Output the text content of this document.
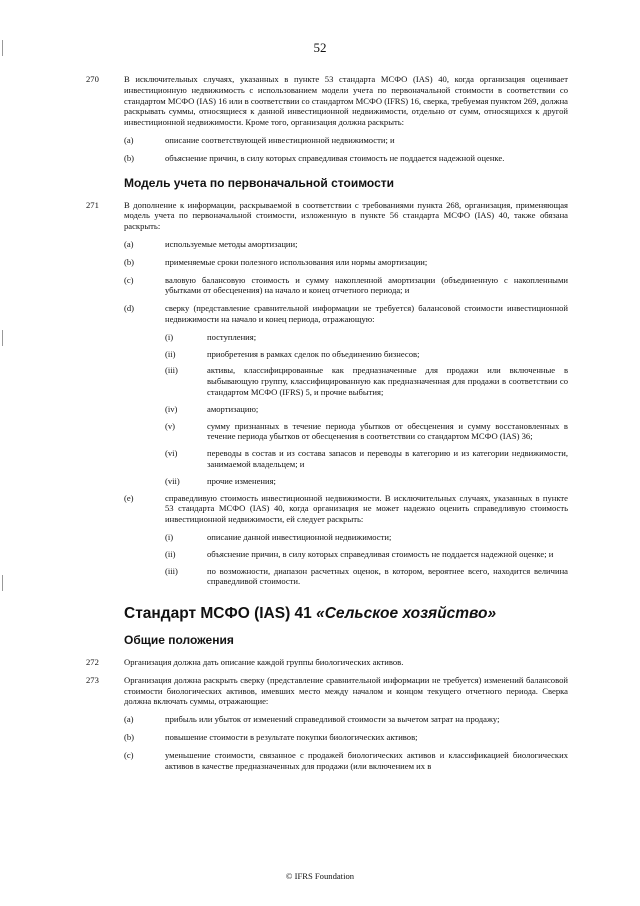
52
270	В исключительных случаях, указанных в пункте 53 стандарта МСФО (IAS) 40, когда организация оценивает инвестиционную недвижимость с использованием модели учета по первоначальной стоимости в соответствии со стандартом МСФО (IAS) 16 или в соответствии со стандартом МСФО (IFRS) 16, сверка, требуемая пунктом 269, должна раскрывать суммы, относящиеся к данной инвестиционной недвижимости, отдельно от сумм, относящихся к другой инвестиционной недвижимости. Кроме того, организация должна раскрыть:
(a)	описание соответствующей инвестиционной недвижимости; и
(b)	объяснение причин, в силу которых справедливая стоимость не поддается надежной оценке.
Модель учета по первоначальной стоимости
271	В дополнение к информации, раскрываемой в соответствии с требованиями пункта 268, организация, применяющая модель учета по первоначальной стоимости, изложенную в пункте 56 стандарта МСФО (IAS) 40, также обязана раскрыть:
(a)	используемые методы амортизации;
(b)	применяемые сроки полезного использования или нормы амортизации;
(c)	валовую балансовую стоимость и сумму накопленной амортизации (объединенную с накопленными убытками от обесценения) на начало и конец отчетного периода; и
(d)	сверку (представление сравнительной информации не требуется) балансовой стоимости инвестиционной недвижимости на начало и конец периода, отражающую:
(i)	поступления;
(ii)	приобретения в рамках сделок по объединению бизнесов;
(iii)	активы, классифицированные как предназначенные для продажи или включенные в выбывающую группу, классифицированную как предназначенная для продажи в соответствии со стандартом МСФО (IFRS) 5, и прочие выбытия;
(iv)	амортизацию;
(v)	сумму признанных в течение периода убытков от обесценения и сумму восстановленных в течение периода убытков от обесценения в соответствии со стандартом МСФО (IAS) 36;
(vi)	переводы в состав и из состава запасов и переводы в категорию и из категории недвижимости, занимаемой владельцем; и
(vii)	прочие изменения;
(e)	справедливую стоимость инвестиционной недвижимости. В исключительных случаях, указанных в пункте 53 стандарта МСФО (IAS) 40, когда организация не может надежно оценить справедливую стоимость инвестиционной недвижимости, ей следует раскрыть:
(i)	описание данной инвестиционной недвижимости;
(ii)	объяснение причин, в силу которых справедливая стоимость не поддается надежной оценке; и
(iii)	по возможности, диапазон расчетных оценок, в котором, вероятнее всего, находится величина справедливой стоимости.
Стандарт МСФО (IAS) 41 «Сельское хозяйство»
Общие положения
272	Организация должна дать описание каждой группы биологических активов.
273	Организация должна раскрыть сверку (представление сравнительной информации не требуется) изменений балансовой стоимости биологических активов, имевших место между началом и концом текущего отчетного периода. Сверка должна включать суммы, отражающие:
(a)	прибыль или убыток от изменений справедливой стоимости за вычетом затрат на продажу;
(b)	повышение стоимости в результате покупки биологических активов;
(c)	уменьшение стоимости, связанное с продажей биологических активов и классификацией биологических активов в качестве предназначенных для продажи (или включением их в
© IFRS Foundation
